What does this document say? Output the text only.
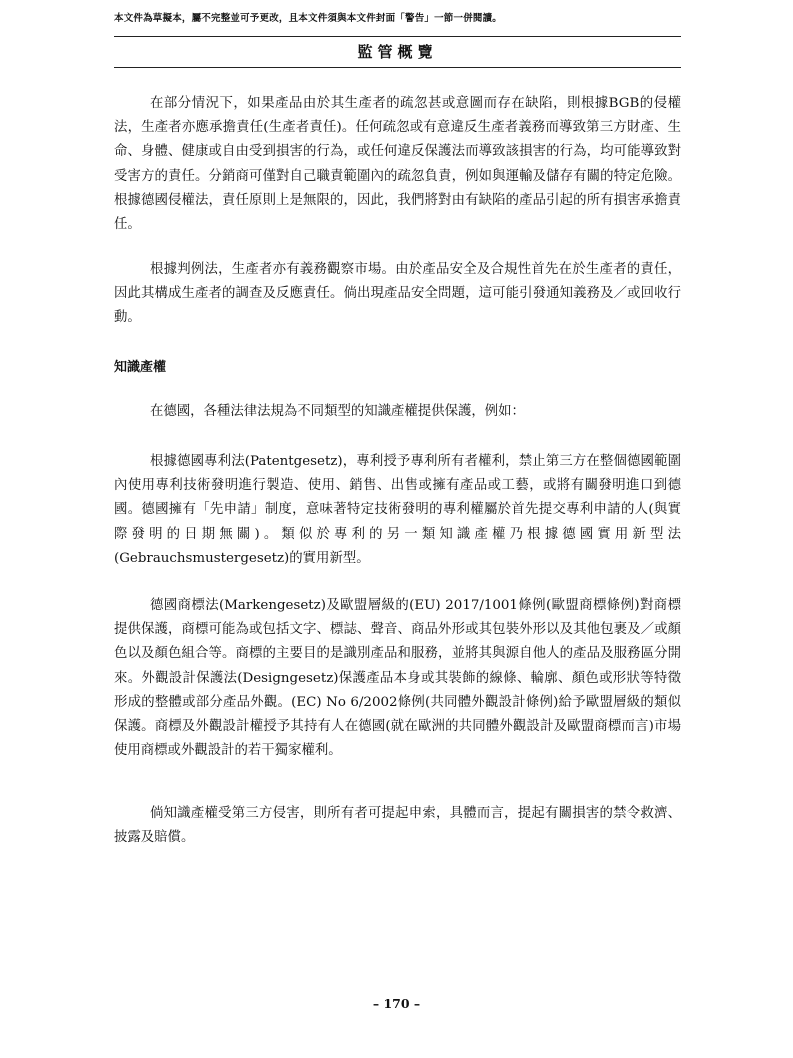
本文件為草擬本，屬不完整並可予更改，且本文件須與本文件封面「警告」一節一併閱讀。
監管概覽

在部分情況下，如果產品由於其生產者的疏忽甚或意圖而存在缺陷，則根據BGB的侵權法，生產者亦應承擔責任(生產者責任)。任何疏忽或有意違反生產者義務而導致第三方財產、生命、身體、健康或自由受到損害的行為，或任何違反保護法而導致該損害的行為，均可能導致對受害方的責任。分銷商可僅對自己職責範圍內的疏忽負責，例如與運輸及儲存有關的特定危險。根據德國侵權法，責任原則上是無限的，因此，我們將對由有缺陷的產品引起的所有損害承擔責任。

根據判例法，生產者亦有義務觀察市場。由於產品安全及合規性首先在於生產者的責任，因此其構成生產者的調查及反應責任。倘出現產品安全問題，這可能引發通知義務及／或回收行動。

知識產權

在德國，各種法律法規為不同類型的知識產權提供保護，例如：

根據德國專利法(Patentgesetz)，專利授予專利所有者權利，禁止第三方在整個德國範圍內使用專利技術發明進行製造、使用、銷售、出售或擁有產品或工藝，或將有關發明進口到德國。德國擁有「先申請」制度，意味著特定技術發明的專利權屬於首先提交專利申請的人(與實際發明的日期無關)。類似於專利的另一類知識產權乃根據德國實用新型法(Gebrauchsmustergesetz)的實用新型。

德國商標法(Markengesetz)及歐盟層級的(EU) 2017/1001條例(歐盟商標條例)對商標提供保護，商標可能為或包括文字、標誌、聲音、商品外形或其包裝外形以及其他包裹及／或顏色以及顏色組合等。商標的主要目的是識別產品和服務，並將其與源自他人的產品及服務區分開來。外觀設計保護法(Designgesetz)保護產品本身或其裝飾的線條、輪廓、顏色或形狀等特徵形成的整體或部分產品外觀。(EC) No 6/2002條例(共同體外觀設計條例)給予歐盟層級的類似保護。商標及外觀設計權授予其持有人在德國(就在歐洲的共同體外觀設計及歐盟商標而言)市場使用商標或外觀設計的若干獨家權利。

倘知識產權受第三方侵害，則所有者可提起申索，具體而言，提起有關損害的禁令救濟、披露及賠償。

– 170 –
